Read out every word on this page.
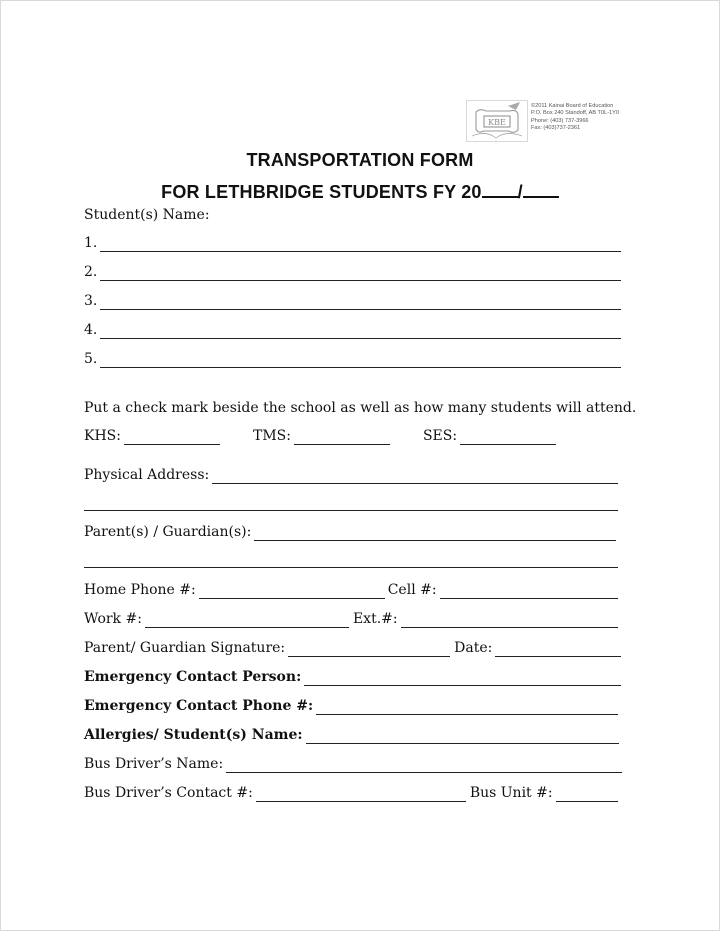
KBE
©2011 Kainai Board of Education
P.O. Box 240 Standoff, AB T0L-1Y0
Phone: (403) 737-3966
Fax: (403)737-2361
TRANSPORTATION FORM
FOR LETHBRIDGE STUDENTS FY 20 /
Student(s) Name:
1.
2.
3.
4.
5.
Put a check mark beside the school as well as how many students will attend.
KHS:	TMS:	SES:
Physical Address:
Parent(s) / Guardian(s):
Home Phone #:	Cell #:
Work #:	Ext.#:
Parent/ Guardian Signature:	Date:
Emergency Contact Person:
Emergency Contact Phone #:
Allergies/ Student(s) Name:
Bus Driver’s Name:
Bus Driver’s Contact #:	Bus Unit #:
